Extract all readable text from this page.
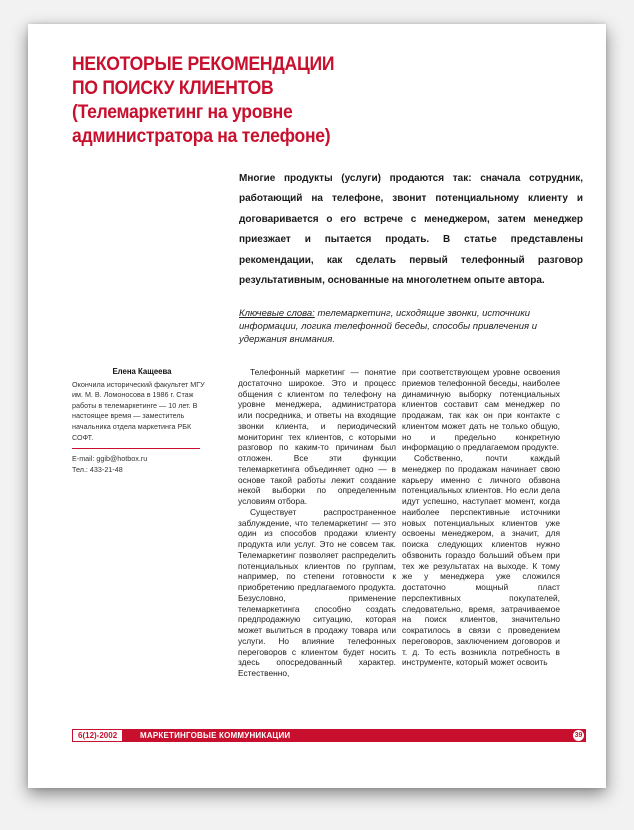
НЕКОТОРЫЕ РЕКОМЕНДАЦИИ
ПО ПОИСКУ КЛИЕНТОВ
(Телемаркетинг на уровне
администратора на телефоне)

Многие продукты (услуги) продаются так: сначала сотрудник, работающий на телефоне, звонит потенциальному клиенту и договаривается о его встрече с менеджером, затем менеджер приезжает и пытается продать. В статье представлены рекомендации, как сделать первый телефонный разговор результативным, основанные на многолетнем опыте автора.

Ключевые слова: телемаркетинг, исходящие звонки, источники информации, логика телефонной беседы, способы привлечения и удержания внимания.

Елена Кащеева

Окончила исторический факультет МГУ им. М. В. Ломоносова в 1986 г. Стаж работы в телемаркетинге — 10 лет. В настоящее время — заместитель начальника отдела маркетинга РБК СОФТ.

E-mail: ggib@hotbox.ru
Тел.: 433-21-48

Телефонный маркетинг — понятие достаточно широкое. Это и процесс общения с клиентом по телефону на уровне менеджера, администратора или посредника, и ответы на входящие звонки клиента, и периодический мониторинг тех клиентов, с которыми разговор по каким-то причинам был отложен. Все эти функции телемаркетинга объединяет одно — в основе такой работы лежит создание некой выборки по определенным условиям отбора.

Существует распространенное заблуждение, что телемаркетинг — это один из способов продажи клиенту продукта или услуг. Это не совсем так. Телемаркетинг позволяет распределить потенциальных клиентов по группам, например, по степени готовности к приобретению предлагаемого продукта. Безусловно, применение телемаркетинга способно создать предпродажную ситуацию, которая может вылиться в продажу товара или услуги. Но влияние телефонных переговоров с клиентом будет носить здесь опосредованный характер. Естественно,

при соответствующем уровне освоения приемов телефонной беседы, наиболее динамичную выборку потенциальных клиентов составит сам менеджер по продажам, так как он при контакте с клиентом может дать не только общую, но и предельно конкретную информацию о предлагаемом продукте.

Собственно, почти каждый менеджер по продажам начинает свою карьеру именно с личного обзвона потенциальных клиентов. Но если дела идут успешно, наступает момент, когда наиболее перспективные источники новых потенциальных клиентов уже освоены менеджером, а значит, для поиска следующих клиентов нужно обзвонить гораздо больший объем при тех же результатах на выходе. К тому же у менеджера уже сложился достаточно мощный пласт перспективных покупателей, следовательно, время, затрачиваемое на поиск клиентов, значительно сократилось в связи с проведением переговоров, заключением договоров и т. д. То есть возникла потребность в инструменте, который может освоить

6(12)-2002	МАРКЕТИНГОВЫЕ КОММУНИКАЦИИ	39
